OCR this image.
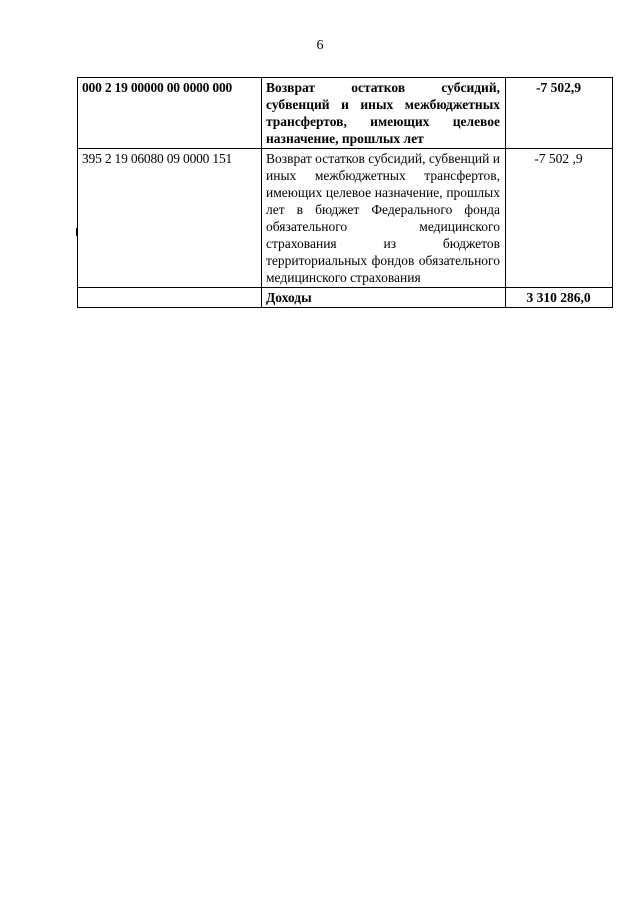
6
000 2 19 00000 00 0000 000	Возврат остатков субсидий, субвенций и иных межбюджетных трансфертов, имеющих целевое назначение, прошлых лет	-7 502,9
395 2 19 06080 09 0000 151	Возврат остатков субсидий, субвенций и иных межбюджетных трансфертов, имеющих целевое назначение, прошлых лет в бюджет Федерального фонда обязательного медицинского страхования из бюджетов территориальных фондов обязательного медицинского страхования	-7 502 ,9
	Доходы	3 310 286,0
